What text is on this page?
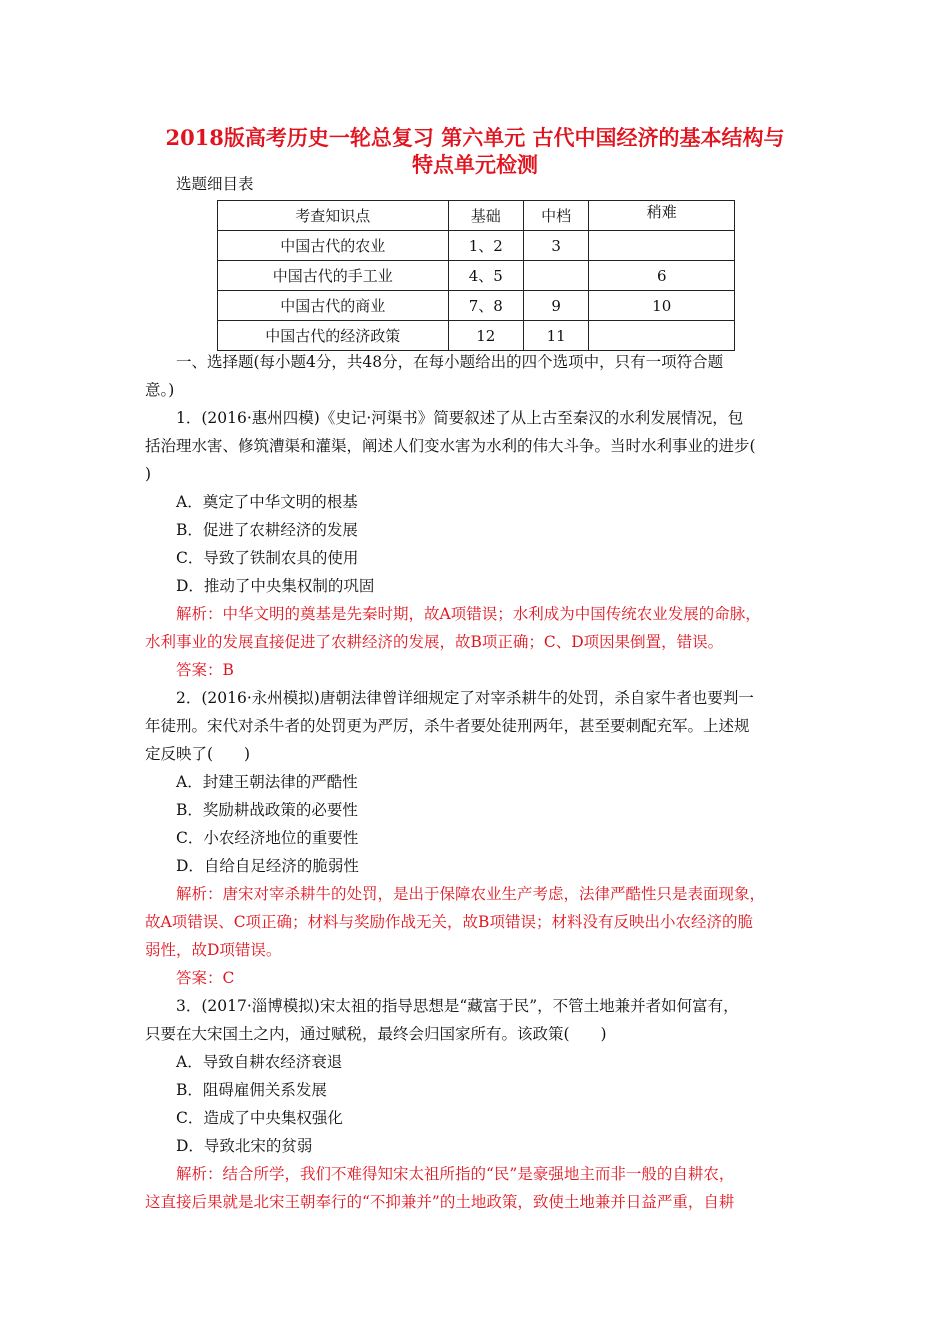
2018版高考历史一轮总复习 第六单元 古代中国经济的基本结构与
特点单元检测
选题细目表
考查知识点	基础	中档	稍难
中国古代的农业	1、2	3	
中国古代的手工业	4、5		6
中国古代的商业	7、8	9	10
中国古代的经济政策	12	11	
一、选择题(每小题4分，共48分，在每小题给出的四个选项中，只有一项符合题
意。)
1．(2016·惠州四模)《史记·河渠书》简要叙述了从上古至秦汉的水利发展情况，包
括治理水害、修筑漕渠和灌渠，阐述人们变水害为水利的伟大斗争。当时水利事业的进步(
)
A．奠定了中华文明的根基
B．促进了农耕经济的发展
C．导致了铁制农具的使用
D．推动了中央集权制的巩固
解析：中华文明的奠基是先秦时期，故A项错误；水利成为中国传统农业发展的命脉，
水利事业的发展直接促进了农耕经济的发展，故B项正确；C、D项因果倒置，错误。
答案：B
2．(2016·永州模拟)唐朝法律曾详细规定了对宰杀耕牛的处罚，杀自家牛者也要判一
年徒刑。宋代对杀牛者的处罚更为严厉，杀牛者要处徒刑两年，甚至要刺配充军。上述规
定反映了(　　)
A．封建王朝法律的严酷性
B．奖励耕战政策的必要性
C．小农经济地位的重要性
D．自给自足经济的脆弱性
解析：唐宋对宰杀耕牛的处罚，是出于保障农业生产考虑，法律严酷性只是表面现象，
故A项错误、C项正确；材料与奖励作战无关，故B项错误；材料没有反映出小农经济的脆
弱性，故D项错误。
答案：C
3．(2017·淄博模拟)宋太祖的指导思想是“藏富于民”，不管土地兼并者如何富有，
只要在大宋国土之内，通过赋税，最终会归国家所有。该政策(　　)
A．导致自耕农经济衰退
B．阻碍雇佣关系发展
C．造成了中央集权强化
D．导致北宋的贫弱
解析：结合所学，我们不难得知宋太祖所指的“民”是豪强地主而非一般的自耕农，
这直接后果就是北宋王朝奉行的“不抑兼并”的土地政策，致使土地兼并日益严重，自耕
